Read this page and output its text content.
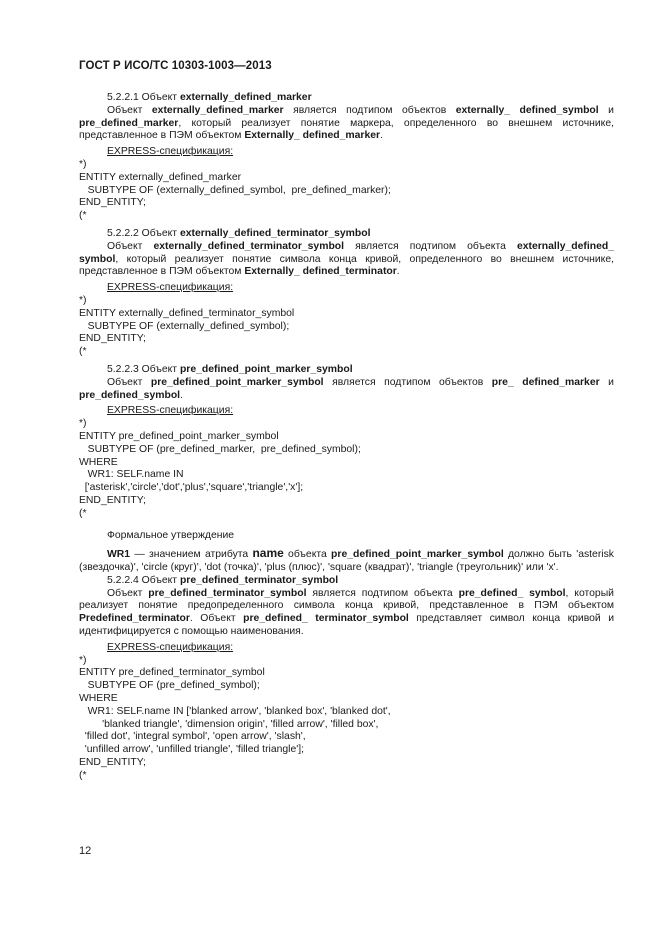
ГОСТ Р ИСО/ТС 10303-1003—2013

5.2.2.1 Объект externally_defined_marker

Объект externally_defined_marker является подтипом объектов externally_ defined_symbol и pre_defined_marker, который реализует понятие маркера, определенного во внешнем источнике, представленное в ПЭМ объектом Externally_ defined_marker.

EXPRESS-спецификация:

*)
ENTITY externally_defined_marker
SUBTYPE OF (externally_defined_symbol,  pre_defined_marker);
END_ENTITY;
(*

5.2.2.2 Объект externally_defined_terminator_symbol

Объект externally_defined_terminator_symbol является подтипом объекта externally_defined_ symbol, который реализует понятие символа конца кривой, определенного во внешнем источнике, представленное в ПЭМ объектом Externally_ defined_terminator.

EXPRESS-спецификация:

*)
ENTITY externally_defined_terminator_symbol
SUBTYPE OF (externally_defined_symbol);
END_ENTITY;
(*

5.2.2.3 Объект pre_defined_point_marker_symbol

Объект pre_defined_point_marker_symbol является подтипом объектов pre_ defined_marker и pre_defined_symbol.

EXPRESS-спецификация:

*)
ENTITY pre_defined_point_marker_symbol
SUBTYPE OF (pre_defined_marker,  pre_defined_symbol);
WHERE
WR1: SELF.name IN
['asterisk','circle','dot','plus','square','triangle','x'];
END_ENTITY;
(*

Формальное утверждение

WR1 — значением атрибута name объекта pre_defined_point_marker_symbol должно быть 'asterisk (звездочка)', 'circle (круг)', 'dot (точка)', 'plus (плюс)', 'square (квадрат)', 'triangle (треугольник)' или 'x'.

5.2.2.4 Объект pre_defined_terminator_symbol

Объект pre_defined_terminator_symbol является подтипом объекта pre_defined_ symbol, который реализует понятие предопределенного символа конца кривой, представленное в ПЭМ объектом Predefined_terminator. Объект pre_defined_ terminator_symbol представляет символ конца кривой и идентифицируется с помощью наименования.

EXPRESS-спецификация:

*)
ENTITY pre_defined_terminator_symbol
SUBTYPE OF (pre_defined_symbol);
WHERE
WR1: SELF.name IN ['blanked arrow', 'blanked box', 'blanked dot',
'blanked triangle', 'dimension origin', 'filled arrow', 'filled box',
'filled dot', 'integral symbol', 'open arrow', 'slash',
'unfilled arrow', 'unfilled triangle', 'filled triangle'];
END_ENTITY;
(*

12
